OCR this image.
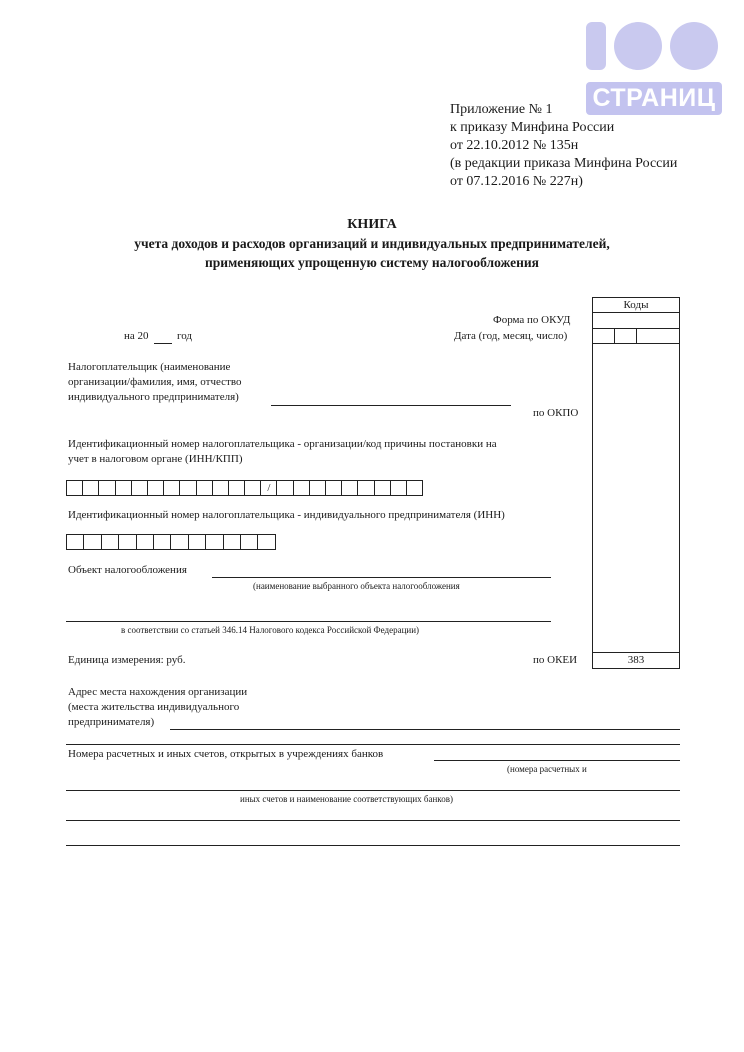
СТРАНИЦ
Приложение № 1
к приказу Минфина России
от 22.10.2012 № 135н
(в редакции приказа Минфина России
от 07.12.2016 № 227н)
КНИГА
учета доходов и расходов организаций и индивидуальных предпринимателей,
применяющих упрощенную систему налогообложения
Коды
383
Форма по ОКУД
Дата (год, месяц, число)
по ОКПО
по ОКЕИ
на 20	год
Налогоплательщик (наименование
организации/фамилия, имя, отчество
индивидуального предпринимателя)
Идентификационный номер налогоплательщика - организации/код причины постановки на
учет в налоговом органе (ИНН/КПП)
/
Идентификационный номер налогоплательщика - индивидуального предпринимателя (ИНН)
Объект налогообложения
(наименование выбранного объекта налогообложения
в соответствии со статьей 346.14 Налогового кодекса Российской Федерации)
Единица измерения: руб.
Адрес места нахождения организации
(места жительства индивидуального
предпринимателя)
Номера расчетных и иных счетов, открытых в учреждениях банков
(номера расчетных и
иных счетов и наименование соответствующих банков)
